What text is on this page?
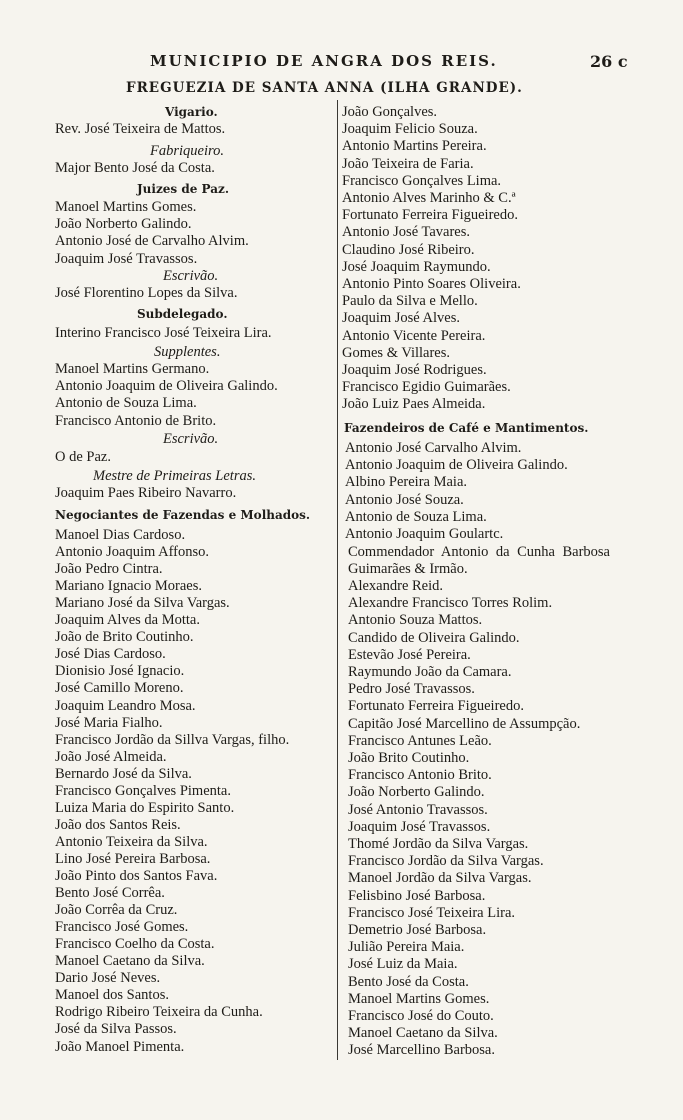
MUNICIPIO DE ANGRA DOS REIS.	26 c
FREGUEZIA DE SANTA ANNA (ILHA GRANDE).
Vigario.
Rev. José Teixeira de Mattos.
Fabriqueiro.
Major Bento José da Costa.
Juizes de Paz.
Manoel Martins Gomes.
João Norberto Galindo.
Antonio José de Carvalho Alvim.
Joaquim José Travassos.
Escrivão.
José Florentino Lopes da Silva.
Subdelegado.
Interino Francisco José Teixeira Lira.
Supplentes.
Manoel Martins Germano.
Antonio Joaquim de Oliveira Galindo.
Antonio de Souza Lima.
Francisco Antonio de Brito.
Escrivão.
O de Paz.
Mestre de Primeiras Letras.
Joaquim Paes Ribeiro Navarro.
Negociantes de Fazendas e Molhados.
Manoel Dias Cardoso.
Antonio Joaquim Affonso.
João Pedro Cintra.
Mariano Ignacio Moraes.
Mariano José da Silva Vargas.
Joaquim Alves da Motta.
João de Brito Coutinho.
José Dias Cardoso.
Dionisio José Ignacio.
José Camillo Moreno.
Joaquim Leandro Mosa.
José Maria Fialho.
Francisco Jordão da Sillva Vargas, filho.
João José Almeida.
Bernardo José da Silva.
Francisco Gonçalves Pimenta.
Luiza Maria do Espirito Santo.
João dos Santos Reis.
Antonio Teixeira da Silva.
Lino José Pereira Barbosa.
João Pinto dos Santos Fava.
Bento José Corrêa.
João Corrêa da Cruz.
Francisco José Gomes.
Francisco Coelho da Costa.
Manoel Caetano da Silva.
Dario José Neves.
Manoel dos Santos.
Rodrigo Ribeiro Teixeira da Cunha.
José da Silva Passos.
João Manoel Pimenta.
João Gonçalves.
Joaquim Felicio Souza.
Antonio Martins Pereira.
João Teixeira de Faria.
Francisco Gonçalves Lima.
Antonio Alves Marinho & C.ª
Fortunato Ferreira Figueiredo.
Antonio José Tavares.
Claudino José Ribeiro.
José Joaquim Raymundo.
Antonio Pinto Soares Oliveira.
Paulo da Silva e Mello.
Joaquim José Alves.
Antonio Vicente Pereira.
Gomes & Villares.
Joaquim José Rodrigues.
Francisco Egidio Guimarães.
João Luiz Paes Almeida.
Fazendeiros de Café e Mantimentos.
Antonio José Carvalho Alvim.
Antonio Joaquim de Oliveira Galindo.
Albino Pereira Maia.
Antonio José Souza.
Antonio de Souza Lima.
Antonio Joaquim Goulartc.
Commendador Antonio da Cunha Barbosa Guimarães & Irmão.
Alexandre Reid.
Alexandre Francisco Torres Rolim.
Antonio Souza Mattos.
Candido de Oliveira Galindo.
Estevão José Pereira.
Raymundo João da Camara.
Pedro José Travassos.
Fortunato Ferreira Figueiredo.
Capitão José Marcellino de Assumpção.
Francisco Antunes Leão.
João Brito Coutinho.
Francisco Antonio Brito.
João Norberto Galindo.
José Antonio Travassos.
Joaquim José Travassos.
Thomé Jordão da Silva Vargas.
Francisco Jordão da Silva Vargas.
Manoel Jordão da Silva Vargas.
Felisbino José Barbosa.
Francisco José Teixeira Lira.
Demetrio José Barbosa.
Julião Pereira Maia.
José Luiz da Maia.
Bento José da Costa.
Manoel Martins Gomes.
Francisco José do Couto.
Manoel Caetano da Silva.
José Marcellino Barbosa.
